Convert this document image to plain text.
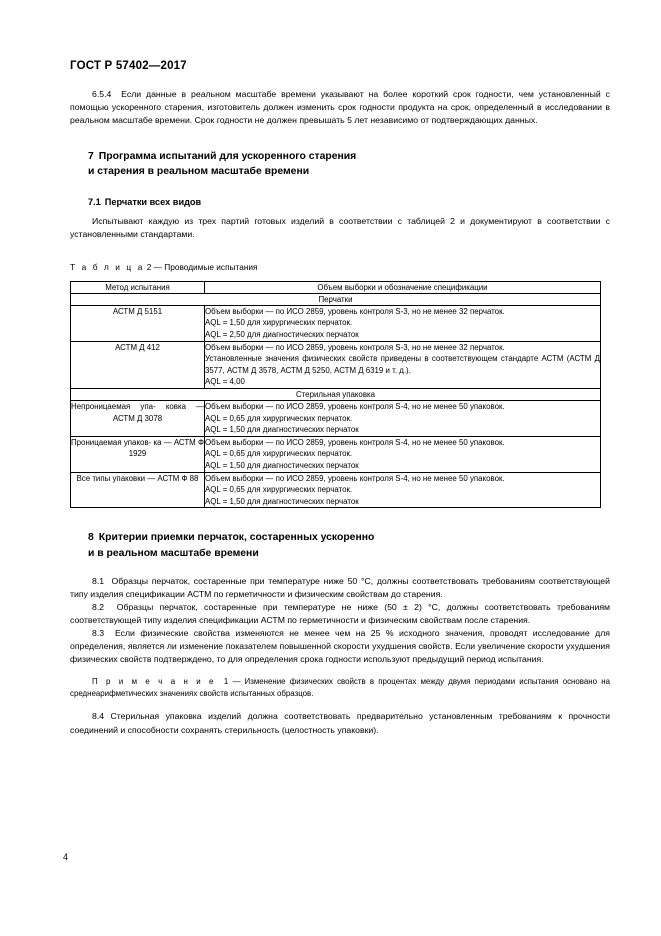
ГОСТ Р 57402—2017

6.5.4 Если данные в реальном масштабе времени указывают на более короткий срок годности, чем установленный с помощью ускоренного старения, изготовитель должен изменить срок годности продукта на срок, определенный в исследовании в реальном масштабе времени. Срок годности не должен превышать 5 лет независимо от подтверждающих данных.

7 Программа испытаний для ускоренного старения

и старения в реальном масштабе времени

7.1 Перчатки всех видов

Испытывают каждую из трех партий готовых изделий в соответствии с таблицей 2 и документируют в соответствии с установленными стандартами.

Т а б л и ц а 2 — Проводимые испытания

Метод испытания	Объем выборки и обозначение спецификации
Перчатки	
АСТМ Д 5151	Объем выборки — по ИСО 2859, уровень контроля S-3, но не менее 32 перчаток.
AQL = 1,50 для хирургических перчаток.
AQL = 2,50 для диагностических перчаток

АСТМ Д 412	Объем выборки — по ИСО 2859, уровень контроля S-3, но не менее 32 перчаток.
Установленные значения физических свойств приведены в соответствующем стандарте АСТМ (АСТМ Д 3577, АСТМ Д 3578, АСТМ Д 5250, АСТМ Д 6319 и т. д.).
AQL = 4,00

Стерильная упаковка	
Непроницаемая упа- ковка — АСТМ Д 3078	Объем выборки — по ИСО 2859, уровень контроля S-4, но не менее 50 упаковок.
AQL = 0,65 для хирургических перчаток.
AQL = 1,50 для диагностических перчаток

Проницаемая упаков- ка — АСТМ Ф 1929	Объем выборки — по ИСО 2859, уровень контроля S-4, но не менее 50 упаковок.
AQL = 0,65 для хирургических перчаток.
AQL = 1,50 для диагностических перчаток

Все типы упаковки — АСТМ Ф 88	Объем выборки — по ИСО 2859, уровень контроля S-4, но не менее 50 упаковок.
AQL = 0,65 для хирургических перчаток.
AQL = 1,50 для диагностических перчаток

8 Критерии приемки перчаток, состаренных ускоренно

и в реальном масштабе времени

8.1 Образцы перчаток, состаренные при температуре ниже 50 °С, должны соответствовать требованиям соответствующей типу изделия спецификации АСТМ по герметичности и физическим свойствам до старения.

8.2 Образцы перчаток, состаренные при температуре не ниже (50 ± 2) °С, должны соответствовать требованиям соответствующей типу изделия спецификации АСТМ по герметичности и физическим свойствам после старения.

8.3 Если физические свойства изменяются не менее чем на 25 % исходного значения, проводят исследование для определения, является ли изменение показателем повышенной скорости ухудшения свойств. Если увеличение скорости ухудшения физических свойств подтверждено, то для определения срока годности используют предыдущий период испытания.

П р и м е ч а н и е 1 — Изменение физических свойств в процентах между двумя периодами испытания основано на среднеарифметических значениях свойств испытанных образцов.

8.4 Стерильная упаковка изделий должна соответствовать предварительно установленным требованиям к прочности соединений и способности сохранять стерильность (целостность упаковки).

4
